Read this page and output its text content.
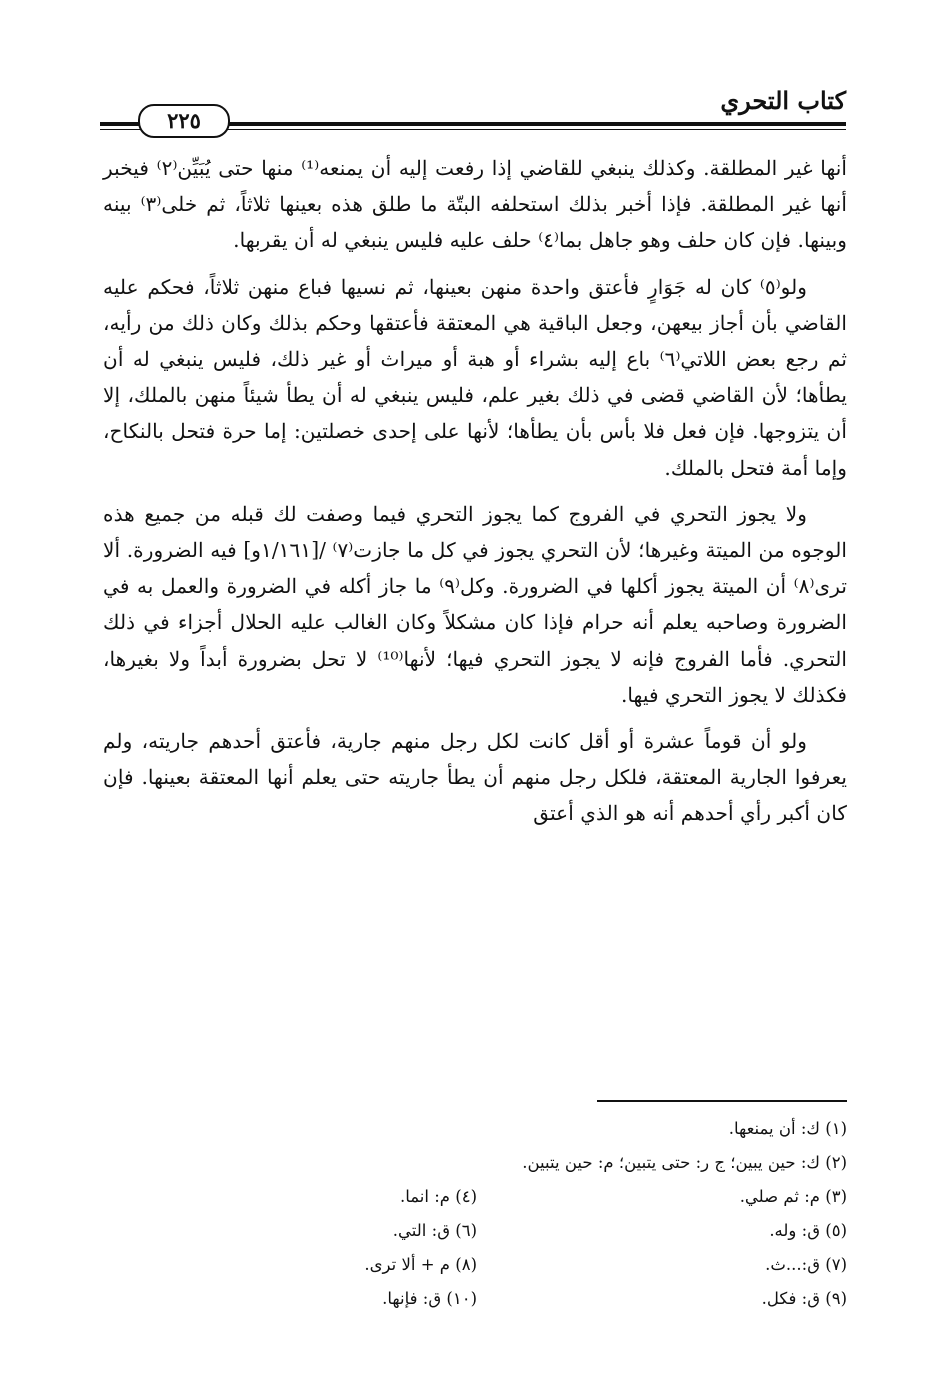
كتاب التحري
٢٢٥

أنها غير المطلقة. وكذلك ينبغي للقاضي إذا رفعت إليه أن يمنعه⁽¹⁾ منها حتى يُبَيِّن⁽٢⁾ فيخبر أنها غير المطلقة. فإذا أخبر بذلك استحلفه البتّة ما طلق هذه بعينها ثلاثاً، ثم خلى⁽٣⁾ بينه وبينها. فإن كان حلف وهو جاهل بما⁽٤⁾ حلف عليه فليس ينبغي له أن يقربها.

ولو⁽٥⁾ كان له جَوَارٍ فأعتق واحدة منهن بعينها، ثم نسيها فباع منهن ثلاثاً، فحكم عليه القاضي بأن أجاز بيعهن، وجعل الباقية هي المعتقة فأعتقها وحكم بذلك وكان ذلك من رأيه، ثم رجع بعض اللاتي⁽٦⁾ باع إليه بشراء أو هبة أو ميراث أو غير ذلك، فليس ينبغي له أن يطأها؛ لأن القاضي قضى في ذلك بغير علم، فليس ينبغي له أن يطأ شيئاً منهن بالملك، إلا أن يتزوجها. فإن فعل فلا بأس بأن يطأها؛ لأنها على إحدى خصلتين: إما حرة فتحل بالنكاح، وإما أمة فتحل بالملك.

ولا يجوز التحري في الفروج كما يجوز التحري فيما وصفت لك قبله من جميع هذه الوجوه من الميتة وغيرها؛ لأن التحري يجوز في كل ما جازت⁽٧⁾ /[١/١٦١و] فيه الضرورة. ألا ترى⁽٨⁾ أن الميتة يجوز أكلها في الضرورة. وكل⁽٩⁾ ما جاز أكله في الضرورة والعمل به في الضرورة وصاحبه يعلم أنه حرام فإذا كان مشكلاً وكان الغالب عليه الحلال أجزاء في ذلك التحري. فأما الفروج فإنه لا يجوز التحري فيها؛ لأنها⁽¹⁰⁾ لا تحل بضرورة أبداً ولا بغيرها، فكذلك لا يجوز التحري فيها.

ولو أن قوماً عشرة أو أقل كانت لكل رجل منهم جارية، فأعتق أحدهم جاريته، ولم يعرفوا الجارية المعتقة، فلكل رجل منهم أن يطأ جاريته حتى يعلم أنها المعتقة بعينها. فإن كان أكبر رأي أحدهم أنه هو الذي أعتق

(١) ك: أن يمنعها.
(٢) ك: حين يبين؛ ج ر: حتى يتبين؛ م: حين يتبين.
(٣) م: ثم صلي.
(٤) م: انما.
(٥) ق: وله.
(٦) ق: التي.
(٧) ق:...ث.
(٨) م + ألا ترى.
(٩) ق: فكل.
(١٠) ق: فإنها.
